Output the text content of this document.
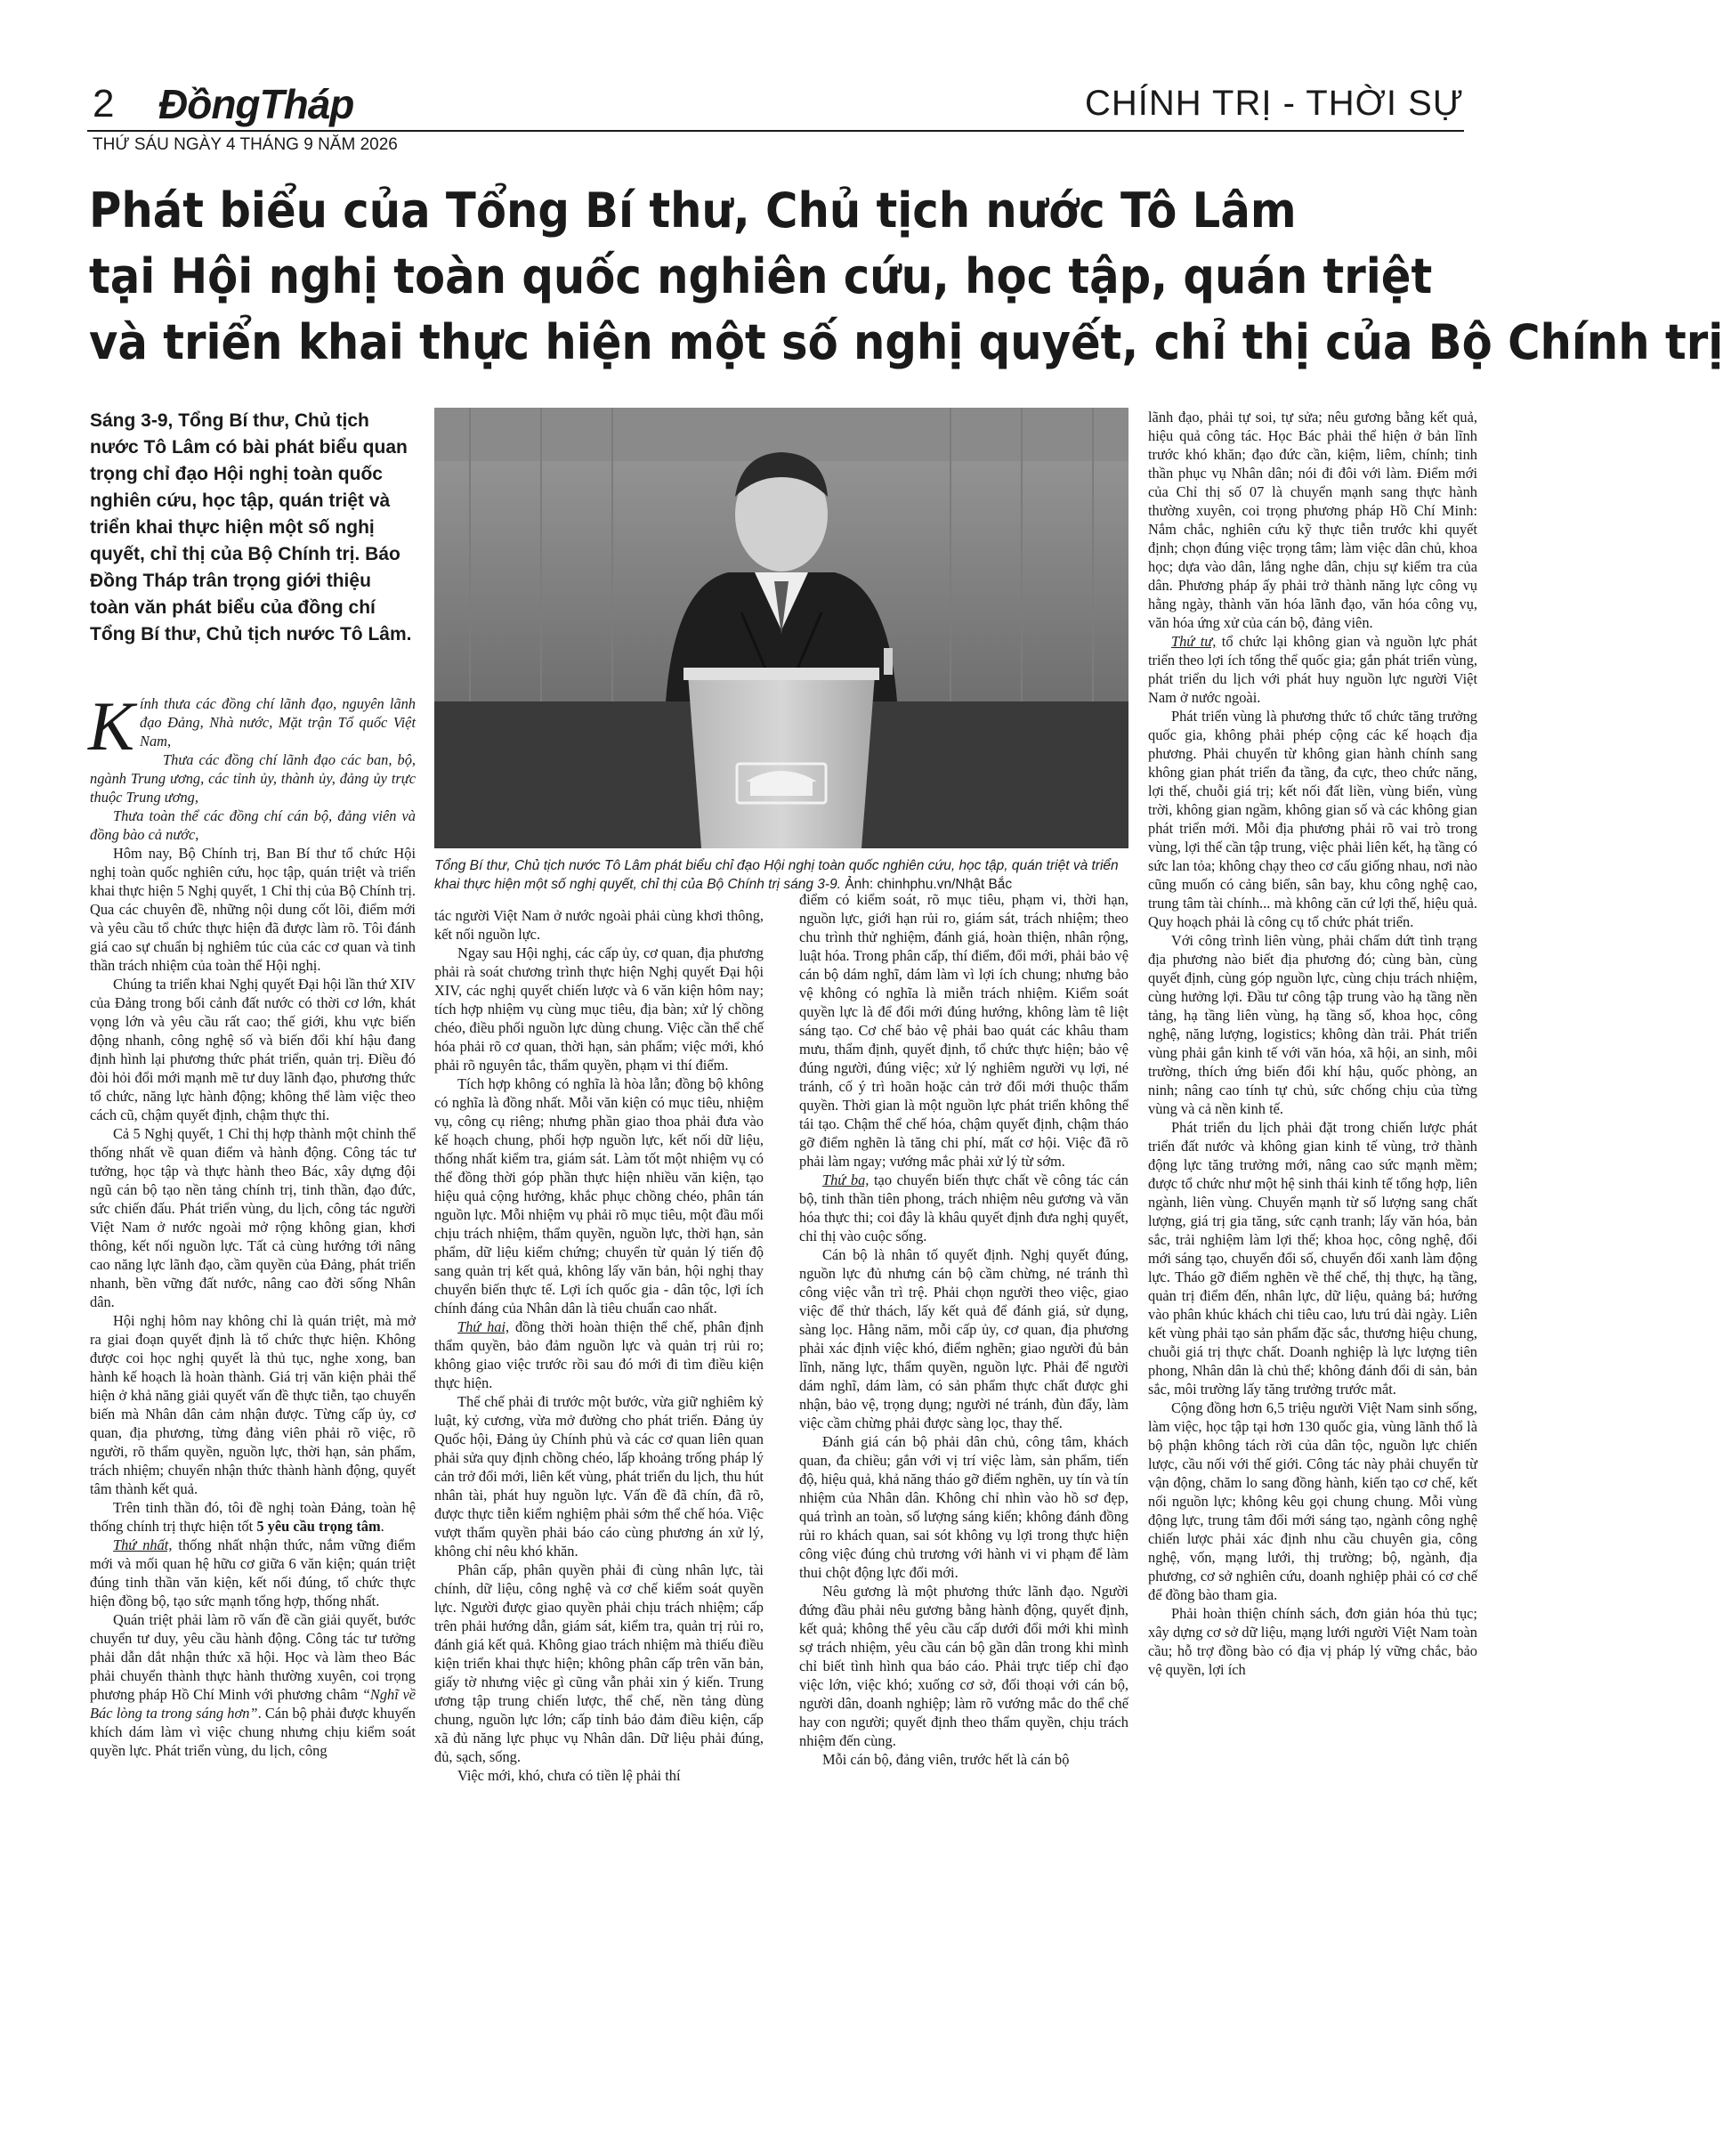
2 ĐồngTháp	CHÍNH TRỊ - THỜI SỰ
THỨ SÁU NGÀY 4 THÁNG 9 NĂM 2026
Phát biểu của Tổng Bí thư, Chủ tịch nước Tô Lâm
tại Hội nghị toàn quốc nghiên cứu, học tập, quán triệt
và triển khai thực hiện một số nghị quyết, chỉ thị của Bộ Chính trị
Sáng 3-9, Tổng Bí thư, Chủ tịch nước Tô Lâm có bài phát biểu quan trọng chỉ đạo Hội nghị toàn quốc nghiên cứu, học tập, quán triệt và triển khai thực hiện một số nghị quyết, chỉ thị của Bộ Chính trị. Báo Đồng Tháp trân trọng giới thiệu toàn văn phát biểu của đồng chí Tổng Bí thư, Chủ tịch nước Tô Lâm.
Tổng Bí thư, Chủ tịch nước Tô Lâm phát biểu chỉ đạo Hội nghị toàn quốc nghiên cứu, học tập, quán triệt và triển khai thực hiện một số nghị quyết, chỉ thị của Bộ Chính trị sáng 3-9. Ảnh: chinhphu.vn/Nhật Bắc

Kính thưa các đồng chí lãnh đạo, nguyên lãnh đạo Đảng, Nhà nước, Mặt trận Tổ quốc Việt Nam,

Thưa các đồng chí lãnh đạo các ban, bộ, ngành Trung ương, các tỉnh ủy, thành ủy, đảng ủy trực thuộc Trung ương,

Thưa toàn thể các đồng chí cán bộ, đảng viên và đồng bào cả nước,

Hôm nay, Bộ Chính trị, Ban Bí thư tổ chức Hội nghị toàn quốc nghiên cứu, học tập, quán triệt và triển khai thực hiện 5 Nghị quyết, 1 Chỉ thị của Bộ Chính trị. Qua các chuyên đề, những nội dung cốt lõi, điểm mới và yêu cầu tổ chức thực hiện đã được làm rõ. Tôi đánh giá cao sự chuẩn bị nghiêm túc của các cơ quan và tinh thần trách nhiệm của toàn thể Hội nghị.

Chúng ta triển khai Nghị quyết Đại hội lần thứ XIV của Đảng trong bối cảnh đất nước có thời cơ lớn, khát vọng lớn và yêu cầu rất cao; thế giới, khu vực biến động nhanh, công nghệ số và biến đổi khí hậu đang định hình lại phương thức phát triển, quản trị. Điều đó đòi hỏi đổi mới mạnh mẽ tư duy lãnh đạo, phương thức tổ chức, năng lực hành động; không thể làm việc theo cách cũ, chậm quyết định, chậm thực thi.

Cả 5 Nghị quyết, 1 Chỉ thị hợp thành một chỉnh thể thống nhất về quan điểm và hành động. Công tác tư tưởng, học tập và thực hành theo Bác, xây dựng đội ngũ cán bộ tạo nền tảng chính trị, tinh thần, đạo đức, sức chiến đấu. Phát triển vùng, du lịch, công tác người Việt Nam ở nước ngoài mở rộng không gian, khơi thông, kết nối nguồn lực. Tất cả cùng hướng tới nâng cao năng lực lãnh đạo, cầm quyền của Đảng, phát triển nhanh, bền vững đất nước, nâng cao đời sống Nhân dân.

Hội nghị hôm nay không chỉ là quán triệt, mà mở ra giai đoạn quyết định là tổ chức thực hiện. Không được coi học nghị quyết là thủ tục, nghe xong, ban hành kế hoạch là hoàn thành. Giá trị văn kiện phải thể hiện ở khả năng giải quyết vấn đề thực tiễn, tạo chuyển biến mà Nhân dân cảm nhận được. Từng cấp ủy, cơ quan, địa phương, từng đảng viên phải rõ việc, rõ người, rõ thẩm quyền, nguồn lực, thời hạn, sản phẩm, trách nhiệm; chuyển nhận thức thành hành động, quyết tâm thành kết quả.

Trên tinh thần đó, tôi đề nghị toàn Đảng, toàn hệ thống chính trị thực hiện tốt 5 yêu cầu trọng tâm.

Thứ nhất, thống nhất nhận thức, nắm vững điểm mới và mối quan hệ hữu cơ giữa 6 văn kiện; quán triệt đúng tinh thần văn kiện, kết nối đúng, tổ chức thực hiện đồng bộ, tạo sức mạnh tổng hợp, thống nhất.

Quán triệt phải làm rõ vấn đề cần giải quyết, bước chuyển tư duy, yêu cầu hành động. Công tác tư tưởng phải dẫn dắt nhận thức xã hội. Học và làm theo Bác phải chuyển thành thực hành thường xuyên, coi trọng phương pháp Hồ Chí Minh với phương châm “Nghĩ về Bác lòng ta trong sáng hơn”. Cán bộ phải được khuyến khích dám làm vì việc chung nhưng chịu kiểm soát quyền lực. Phát triển vùng, du lịch, công

tác người Việt Nam ở nước ngoài phải cùng khơi thông, kết nối nguồn lực.

Ngay sau Hội nghị, các cấp ủy, cơ quan, địa phương phải rà soát chương trình thực hiện Nghị quyết Đại hội XIV, các nghị quyết chiến lược và 6 văn kiện hôm nay; tích hợp nhiệm vụ cùng mục tiêu, địa bàn; xử lý chồng chéo, điều phối nguồn lực dùng chung. Việc cần thể chế hóa phải rõ cơ quan, thời hạn, sản phẩm; việc mới, khó phải rõ nguyên tắc, thẩm quyền, phạm vi thí điểm.

Tích hợp không có nghĩa là hòa lẫn; đồng bộ không có nghĩa là đồng nhất. Mỗi văn kiện có mục tiêu, nhiệm vụ, công cụ riêng; nhưng phần giao thoa phải đưa vào kế hoạch chung, phối hợp nguồn lực, kết nối dữ liệu, thống nhất kiểm tra, giám sát. Làm tốt một nhiệm vụ có thể đồng thời góp phần thực hiện nhiều văn kiện, tạo hiệu quả cộng hưởng, khắc phục chồng chéo, phân tán nguồn lực. Mỗi nhiệm vụ phải rõ mục tiêu, một đầu mối chịu trách nhiệm, thẩm quyền, nguồn lực, thời hạn, sản phẩm, dữ liệu kiểm chứng; chuyển từ quản lý tiến độ sang quản trị kết quả, không lấy văn bản, hội nghị thay chuyển biến thực tế. Lợi ích quốc gia - dân tộc, lợi ích chính đáng của Nhân dân là tiêu chuẩn cao nhất.

Thứ hai, đồng thời hoàn thiện thể chế, phân định thẩm quyền, bảo đảm nguồn lực và quản trị rủi ro; không giao việc trước rồi sau đó mới đi tìm điều kiện thực hiện.

Thể chế phải đi trước một bước, vừa giữ nghiêm kỷ luật, kỷ cương, vừa mở đường cho phát triển. Đảng ủy Quốc hội, Đảng ủy Chính phủ và các cơ quan liên quan phải sửa quy định chồng chéo, lấp khoảng trống pháp lý cản trở đổi mới, liên kết vùng, phát triển du lịch, thu hút nhân tài, phát huy nguồn lực. Vấn đề đã chín, đã rõ, được thực tiễn kiểm nghiệm phải sớm thể chế hóa. Việc vượt thẩm quyền phải báo cáo cùng phương án xử lý, không chỉ nêu khó khăn.

Phân cấp, phân quyền phải đi cùng nhân lực, tài chính, dữ liệu, công nghệ và cơ chế kiểm soát quyền lực. Người được giao quyền phải chịu trách nhiệm; cấp trên phải hướng dẫn, giám sát, kiểm tra, quản trị rủi ro, đánh giá kết quả. Không giao trách nhiệm mà thiếu điều kiện triển khai thực hiện; không phân cấp trên văn bản, giấy tờ nhưng việc gì cũng vẫn phải xin ý kiến. Trung ương tập trung chiến lược, thể chế, nền tảng dùng chung, nguồn lực lớn; cấp tỉnh bảo đảm điều kiện, cấp xã đủ năng lực phục vụ Nhân dân. Dữ liệu phải đúng, đủ, sạch, sống.

Việc mới, khó, chưa có tiền lệ phải thí

điểm có kiểm soát, rõ mục tiêu, phạm vi, thời hạn, nguồn lực, giới hạn rủi ro, giám sát, trách nhiệm; theo chu trình thử nghiệm, đánh giá, hoàn thiện, nhân rộng, luật hóa. Trong phân cấp, thí điểm, đổi mới, phải bảo vệ cán bộ dám nghĩ, dám làm vì lợi ích chung; nhưng bảo vệ không có nghĩa là miễn trách nhiệm. Kiểm soát quyền lực là để đổi mới đúng hướng, không làm tê liệt sáng tạo. Cơ chế bảo vệ phải bao quát các khâu tham mưu, thẩm định, quyết định, tổ chức thực hiện; bảo vệ đúng người, đúng việc; xử lý nghiêm người vụ lợi, né tránh, cố ý trì hoãn hoặc cản trở đổi mới thuộc thẩm quyền. Thời gian là một nguồn lực phát triển không thể tái tạo. Chậm thể chế hóa, chậm quyết định, chậm tháo gỡ điểm nghẽn là tăng chi phí, mất cơ hội. Việc đã rõ phải làm ngay; vướng mắc phải xử lý từ sớm.

Thứ ba, tạo chuyển biến thực chất về công tác cán bộ, tinh thần tiên phong, trách nhiệm nêu gương và văn hóa thực thi; coi đây là khâu quyết định đưa nghị quyết, chỉ thị vào cuộc sống.

Cán bộ là nhân tố quyết định. Nghị quyết đúng, nguồn lực đủ nhưng cán bộ cầm chừng, né tránh thì công việc vẫn trì trệ. Phải chọn người theo việc, giao việc để thử thách, lấy kết quả để đánh giá, sử dụng, sàng lọc. Hằng năm, mỗi cấp ủy, cơ quan, địa phương phải xác định việc khó, điểm nghẽn; giao người đủ bản lĩnh, năng lực, thẩm quyền, nguồn lực. Phải để người dám nghĩ, dám làm, có sản phẩm thực chất được ghi nhận, bảo vệ, trọng dụng; người né tránh, đùn đẩy, làm việc cầm chừng phải được sàng lọc, thay thế.

Đánh giá cán bộ phải dân chủ, công tâm, khách quan, đa chiều; gắn với vị trí việc làm, sản phẩm, tiến độ, hiệu quả, khả năng tháo gỡ điểm nghẽn, uy tín và tín nhiệm của Nhân dân. Không chỉ nhìn vào hồ sơ đẹp, quá trình an toàn, số lượng sáng kiến; không đánh đồng rủi ro khách quan, sai sót không vụ lợi trong thực hiện công việc đúng chủ trương với hành vi vi phạm để làm thui chột động lực đổi mới.

Nêu gương là một phương thức lãnh đạo. Người đứng đầu phải nêu gương bằng hành động, quyết định, kết quả; không thể yêu cầu cấp dưới đổi mới khi mình sợ trách nhiệm, yêu cầu cán bộ gần dân trong khi mình chỉ biết tình hình qua báo cáo. Phải trực tiếp chỉ đạo việc lớn, việc khó; xuống cơ sở, đối thoại với cán bộ, người dân, doanh nghiệp; làm rõ vướng mắc do thể chế hay con người; quyết định theo thẩm quyền, chịu trách nhiệm đến cùng.

Mỗi cán bộ, đảng viên, trước hết là cán bộ

lãnh đạo, phải tự soi, tự sửa; nêu gương bằng kết quả, hiệu quả công tác. Học Bác phải thể hiện ở bản lĩnh trước khó khăn; đạo đức cần, kiệm, liêm, chính; tinh thần phục vụ Nhân dân; nói đi đôi với làm. Điểm mới của Chỉ thị số 07 là chuyển mạnh sang thực hành thường xuyên, coi trọng phương pháp Hồ Chí Minh: Nắm chắc, nghiên cứu kỹ thực tiễn trước khi quyết định; chọn đúng việc trọng tâm; làm việc dân chủ, khoa học; dựa vào dân, lắng nghe dân, chịu sự kiểm tra của dân. Phương pháp ấy phải trở thành năng lực công vụ hằng ngày, thành văn hóa lãnh đạo, văn hóa công vụ, văn hóa ứng xử của cán bộ, đảng viên.

Thứ tư, tổ chức lại không gian và nguồn lực phát triển theo lợi ích tổng thể quốc gia; gắn phát triển vùng, phát triển du lịch với phát huy nguồn lực người Việt Nam ở nước ngoài.

Phát triển vùng là phương thức tổ chức tăng trưởng quốc gia, không phải phép cộng các kế hoạch địa phương. Phải chuyển từ không gian hành chính sang không gian phát triển đa tầng, đa cực, theo chức năng, lợi thế, chuỗi giá trị; kết nối đất liền, vùng biển, vùng trời, không gian ngầm, không gian số và các không gian phát triển mới. Mỗi địa phương phải rõ vai trò trong vùng, lợi thế cần tập trung, việc phải liên kết, hạ tầng có sức lan tỏa; không chạy theo cơ cấu giống nhau, nơi nào cũng muốn có cảng biển, sân bay, khu công nghệ cao, trung tâm tài chính... mà không căn cứ lợi thế, hiệu quả. Quy hoạch phải là công cụ tổ chức phát triển.

Với công trình liên vùng, phải chấm dứt tình trạng địa phương nào biết địa phương đó; cùng bàn, cùng quyết định, cùng góp nguồn lực, cùng chịu trách nhiệm, cùng hưởng lợi. Đầu tư công tập trung vào hạ tầng nền tảng, hạ tầng liên vùng, hạ tầng số, khoa học, công nghệ, năng lượng, logistics; không dàn trải. Phát triển vùng phải gắn kinh tế với văn hóa, xã hội, an sinh, môi trường, thích ứng biến đổi khí hậu, quốc phòng, an ninh; nâng cao tính tự chủ, sức chống chịu của từng vùng và cả nền kinh tế.

Phát triển du lịch phải đặt trong chiến lược phát triển đất nước và không gian kinh tế vùng, trở thành động lực tăng trưởng mới, nâng cao sức mạnh mềm; được tổ chức như một hệ sinh thái kinh tế tổng hợp, liên ngành, liên vùng. Chuyển mạnh từ số lượng sang chất lượng, giá trị gia tăng, sức cạnh tranh; lấy văn hóa, bản sắc, trải nghiệm làm lợi thế; khoa học, công nghệ, đổi mới sáng tạo, chuyển đổi số, chuyển đổi xanh làm động lực. Tháo gỡ điểm nghẽn về thể chế, thị thực, hạ tầng, quản trị điểm đến, nhân lực, dữ liệu, quảng bá; hướng vào phân khúc khách chi tiêu cao, lưu trú dài ngày. Liên kết vùng phải tạo sản phẩm đặc sắc, thương hiệu chung, chuỗi giá trị thực chất. Doanh nghiệp là lực lượng tiên phong, Nhân dân là chủ thể; không đánh đổi di sản, bản sắc, môi trường lấy tăng trưởng trước mắt.

Cộng đồng hơn 6,5 triệu người Việt Nam sinh sống, làm việc, học tập tại hơn 130 quốc gia, vùng lãnh thổ là bộ phận không tách rời của dân tộc, nguồn lực chiến lược, cầu nối với thế giới. Công tác này phải chuyển từ vận động, chăm lo sang đồng hành, kiến tạo cơ chế, kết nối nguồn lực; không kêu gọi chung chung. Mỗi vùng động lực, trung tâm đổi mới sáng tạo, ngành công nghệ chiến lược phải xác định nhu cầu chuyên gia, công nghệ, vốn, mạng lưới, thị trường; bộ, ngành, địa phương, cơ sở nghiên cứu, doanh nghiệp phải có cơ chế để đồng bào tham gia.

Phải hoàn thiện chính sách, đơn giản hóa thủ tục; xây dựng cơ sở dữ liệu, mạng lưới người Việt Nam toàn cầu; hỗ trợ đồng bào có địa vị pháp lý vững chắc, bảo vệ quyền, lợi ích
